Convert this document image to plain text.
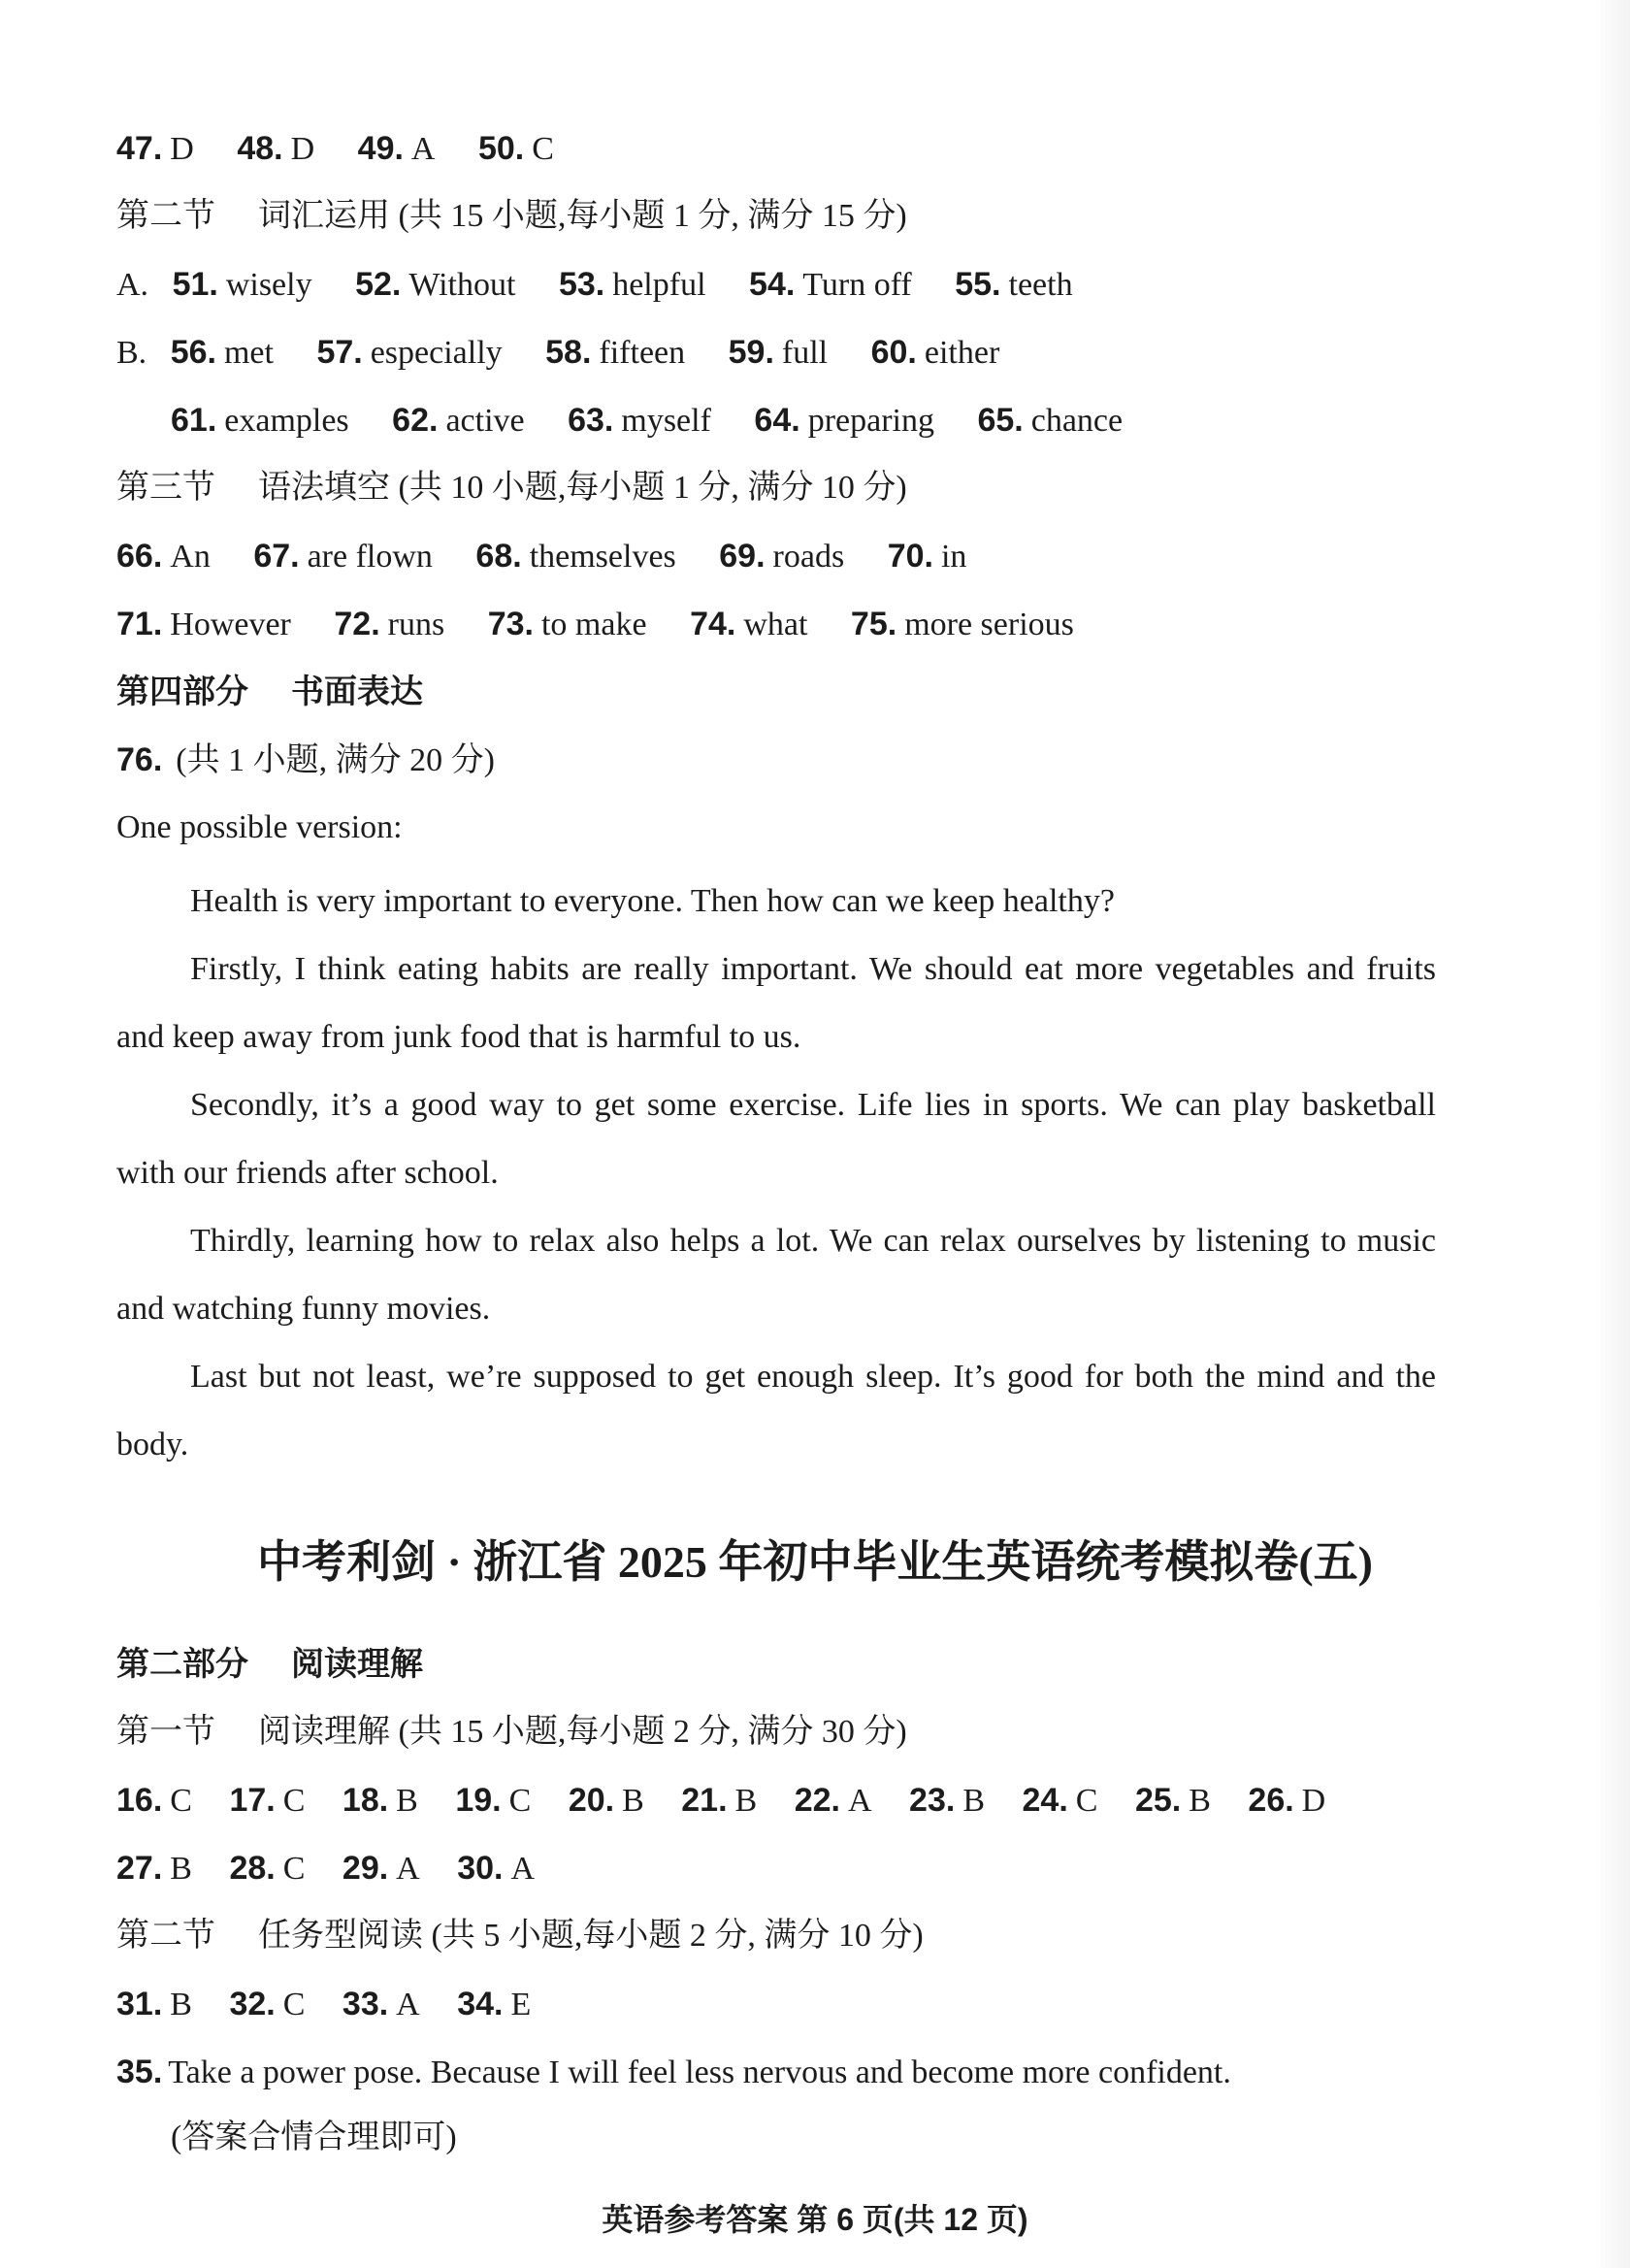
47. D 48. D 49. A 50. C
第二节 词汇运用 (共 15 小题,每小题 1 分, 满分 15 分)
A. 51. wisely 52. Without 53. helpful 54. Turn off 55. teeth
B. 56. met 57. especially 58. fifteen 59. full 60. either
61. examples 62. active 63. myself 64. preparing 65. chance
第三节 语法填空 (共 10 小题,每小题 1 分, 满分 10 分)
66. An 67. are flown 68. themselves 69. roads 70. in
71. However 72. runs 73. to make 74. what 75. more serious
第四部分 书面表达
76. (共 1 小题, 满分 20 分)
One possible version:
Health is very important to everyone. Then how can we keep healthy?
Firstly, I think eating habits are really important. We should eat more vegetables and fruits and keep away from junk food that is harmful to us.
Secondly, it’s a good way to get some exercise. Life lies in sports. We can play basketball with our friends after school.
Thirdly, learning how to relax also helps a lot. We can relax ourselves by listening to music and watching funny movies.
Last but not least, we’re supposed to get enough sleep. It’s good for both the mind and the body.
中考利剑 · 浙江省 2025 年初中毕业生英语统考模拟卷(五)
第二部分 阅读理解
第一节 阅读理解 (共 15 小题,每小题 2 分, 满分 30 分)
16. C 17. C 18. B 19. C 20. B 21. B 22. A 23. B 24. C 25. B 26. D
27. B 28. C 29. A 30. A
第二节 任务型阅读 (共 5 小题,每小题 2 分, 满分 10 分)
31. B 32. C 33. A 34. E
35. Take a power pose. Because I will feel less nervous and become more confident.
(答案合情合理即可)
英语参考答案 第 6 页(共 12 页)
